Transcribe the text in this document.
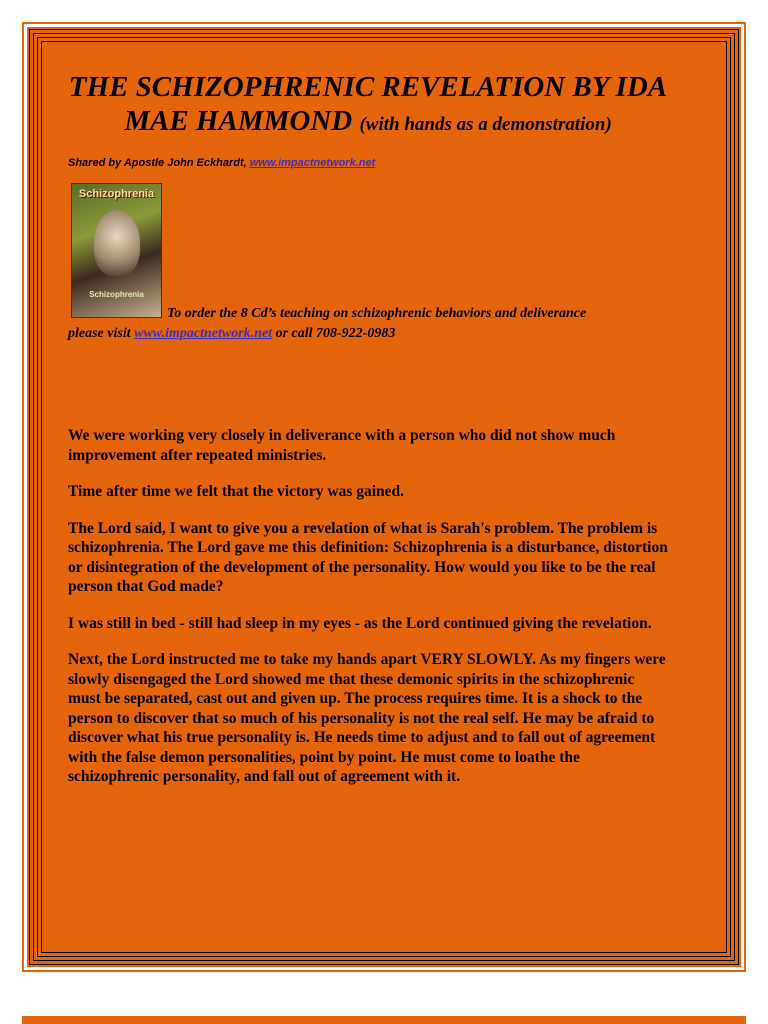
THE SCHIZOPHRENIC REVELATION BY IDA MAE HAMMOND (with hands as a demonstration)
Shared by Apostle John Eckhardt, www.impactnetwork.net
Schizophrenia
Schizophrenia
To order the 8 Cd’s teaching on schizophrenic behaviors and deliverance
please visit www.impactnetwork.net or call 708-922-0983

We were working very closely in deliverance with a person who did not show much improvement after repeated ministries.

Time after time we felt that the victory was gained.

The Lord said, I want to give you a revelation of what is Sarah's problem. The problem is schizophrenia. The Lord gave me this definition: Schizophrenia is a disturbance, distortion or disintegration of the development of the personality. How would you like to be the real person that God made?

I was still in bed - still had sleep in my eyes - as the Lord continued giving the revelation.

Next, the Lord instructed me to take my hands apart VERY SLOWLY. As my fingers were slowly disengaged the Lord showed me that these demonic spirits in the schizophrenic must be separated, cast out and given up. The process requires time. It is a shock to the person to discover that so much of his personality is not the real self. He may be afraid to discover what his true personality is. He needs time to adjust and to fall out of agreement with the false demon personalities, point by point. He must come to loathe the schizophrenic personality, and fall out of agreement with it.
